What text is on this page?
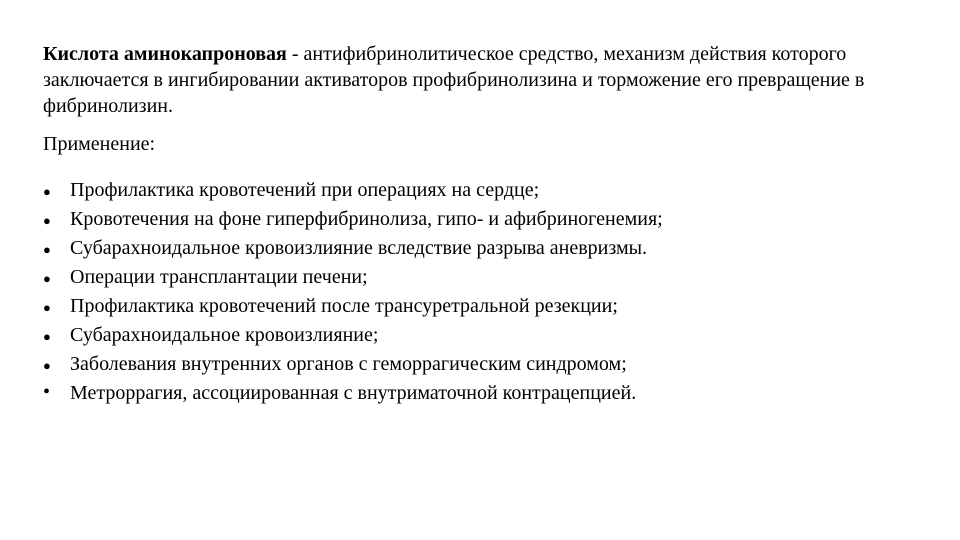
Кислота аминокапроновая - антифибринолитическое средство, механизм действия которого заключается в ингибировании активаторов профибринолизина и торможение его превращение в фибринолизин.

Применение:

● Профилактика кровотечений при операциях на сердце;
● Кровотечения на фоне гиперфибринолиза, гипо- и афибриногенемия;
● Субарахноидальное кровоизлияние вследствие разрыва аневризмы.
● Операции трансплантации печени;
● Профилактика кровотечений после трансуретральной резекции;
● Субарахноидальное кровоизлияние;
● Заболевания внутренних органов с геморрагическим синдромом;
• Метроррагия, ассоциированная с внутриматочной контрацепцией.
